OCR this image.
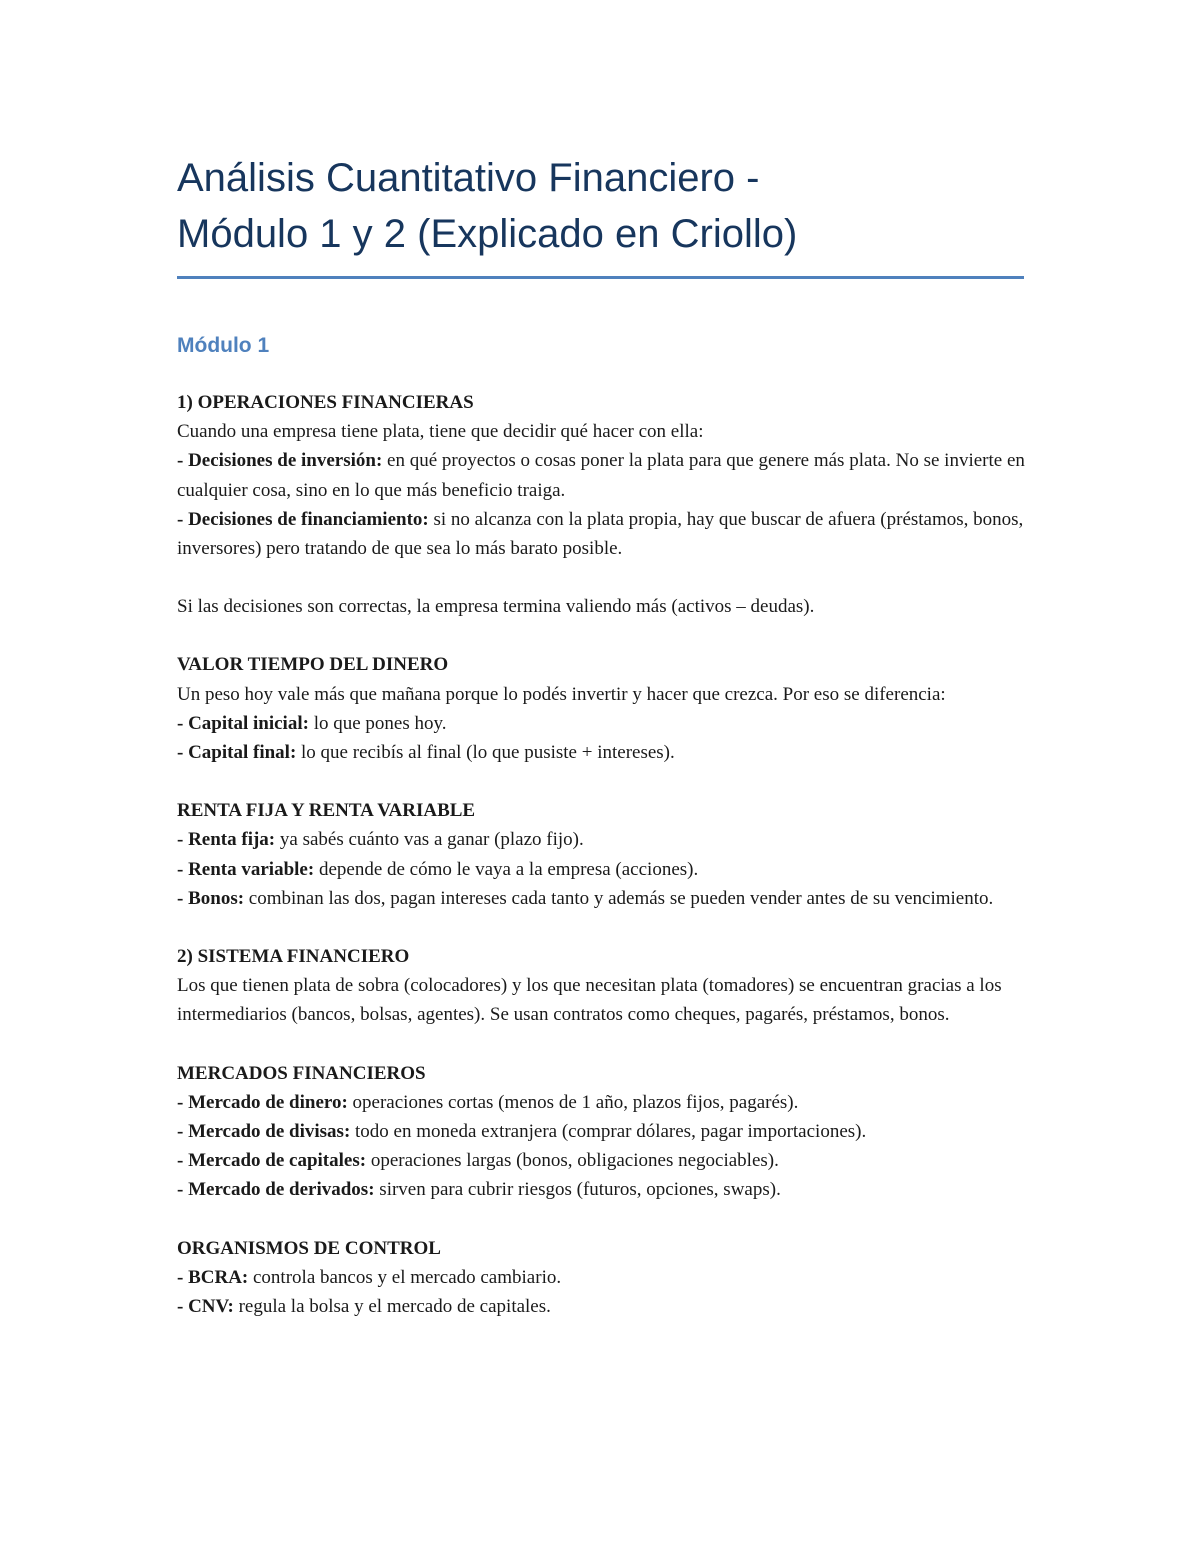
Análisis Cuantitativo Financiero -
Módulo 1 y 2 (Explicado en Criollo)
Módulo 1

1) OPERACIONES FINANCIERAS

Cuando una empresa tiene plata, tiene que decidir qué hacer con ella:

- Decisiones de inversión: en qué proyectos o cosas poner la plata para que genere más plata. No se invierte en cualquier cosa, sino en lo que más beneficio traiga.

- Decisiones de financiamiento: si no alcanza con la plata propia, hay que buscar de afuera (préstamos, bonos, inversores) pero tratando de que sea lo más barato posible.

Si las decisiones son correctas, la empresa termina valiendo más (activos – deudas).

VALOR TIEMPO DEL DINERO

Un peso hoy vale más que mañana porque lo podés invertir y hacer que crezca. Por eso se diferencia:

- Capital inicial: lo que pones hoy.

- Capital final: lo que recibís al final (lo que pusiste + intereses).

RENTA FIJA Y RENTA VARIABLE

- Renta fija: ya sabés cuánto vas a ganar (plazo fijo).

- Renta variable: depende de cómo le vaya a la empresa (acciones).

- Bonos: combinan las dos, pagan intereses cada tanto y además se pueden vender antes de su vencimiento.

2) SISTEMA FINANCIERO

Los que tienen plata de sobra (colocadores) y los que necesitan plata (tomadores) se encuentran gracias a los intermediarios (bancos, bolsas, agentes). Se usan contratos como cheques, pagarés, préstamos, bonos.

MERCADOS FINANCIEROS

- Mercado de dinero: operaciones cortas (menos de 1 año, plazos fijos, pagarés).

- Mercado de divisas: todo en moneda extranjera (comprar dólares, pagar importaciones).

- Mercado de capitales: operaciones largas (bonos, obligaciones negociables).

- Mercado de derivados: sirven para cubrir riesgos (futuros, opciones, swaps).

ORGANISMOS DE CONTROL

- BCRA: controla bancos y el mercado cambiario.

- CNV: regula la bolsa y el mercado de capitales.
